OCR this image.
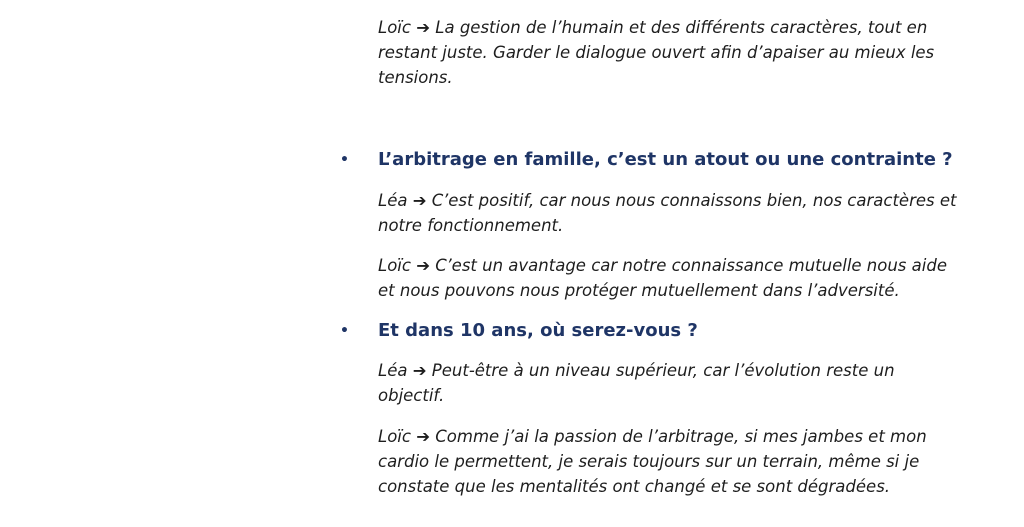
Loïc ➔ La gestion de l’humain et des différents caractères, tout en
restant juste. Garder le dialogue ouvert afin d’apaiser au mieux les
tensions.

•	L’arbitrage en famille, c’est un atout ou une contrainte ?

Léa ➔ C’est positif, car nous nous connaissons bien, nos caractères et
notre fonctionnement.

Loïc ➔ C’est un avantage car notre connaissance mutuelle nous aide
et nous pouvons nous protéger mutuellement dans l’adversité.

•	Et dans 10 ans, où serez-vous ?

Léa ➔ Peut-être à un niveau supérieur, car l’évolution reste un
objectif.

Loïc ➔ Comme j’ai la passion de l’arbitrage, si mes jambes et mon
cardio le permettent, je serais toujours sur un terrain, même si je
constate que les mentalités ont changé et se sont dégradées.
